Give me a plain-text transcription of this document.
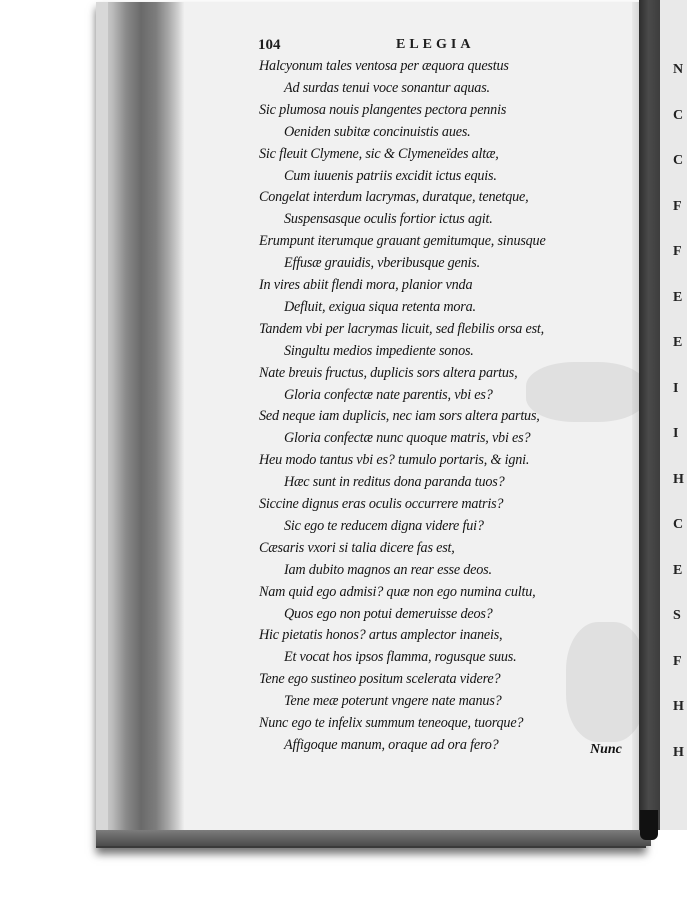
N
C
C
F
F
E
E
I
I
H
C
E
S
F
H
H
104	ELEGIA
Halcyonum tales ventosa per æquora questus
Ad surdas tenui voce sonantur aquas.
Sic plumosa nouis plangentes pectora pennis
Oeniden subitæ concinuistis aues.
Sic fleuit Clymene, sic & Clymeneïdes altæ,
Cum iuuenis patriis excidit ictus equis.
Congelat interdum lacrymas, duratque, tenetque,
Suspensasque oculis fortior ictus agit.
Erumpunt iterumque grauant gemitumque, sinusque
Effusæ grauidis, vberibusque genis.
In vires abiit flendi mora, planior vnda
Defluit, exigua siqua retenta mora.
Tandem vbi per lacrymas licuit, sed flebilis orsa est,
Singultu medios impediente sonos.
Nate breuis fructus, duplicis sors altera partus,
Gloria confectæ nate parentis, vbi es?
Sed neque iam duplicis, nec iam sors altera partus,
Gloria confectæ nunc quoque matris, vbi es?
Heu modo tantus vbi es? tumulo portaris, & igni.
Hæc sunt in reditus dona paranda tuos?
Siccine dignus eras oculis occurrere matris?
Sic ego te reducem digna videre fui?
Cæsaris vxori si talia dicere fas est,
Iam dubito magnos an rear esse deos.
Nam quid ego admisi? quæ non ego numina cultu,
Quos ego non potui demeruisse deos?
Hic pietatis honos? artus amplector inaneis,
Et vocat hos ipsos flamma, rogusque suus.
Tene ego sustineo positum scelerata videre?
Tene meæ poterunt vngere nate manus?
Nunc ego te infelix summum teneoque, tuorque?
Affigoque manum, oraque ad ora fero?	Nunc
